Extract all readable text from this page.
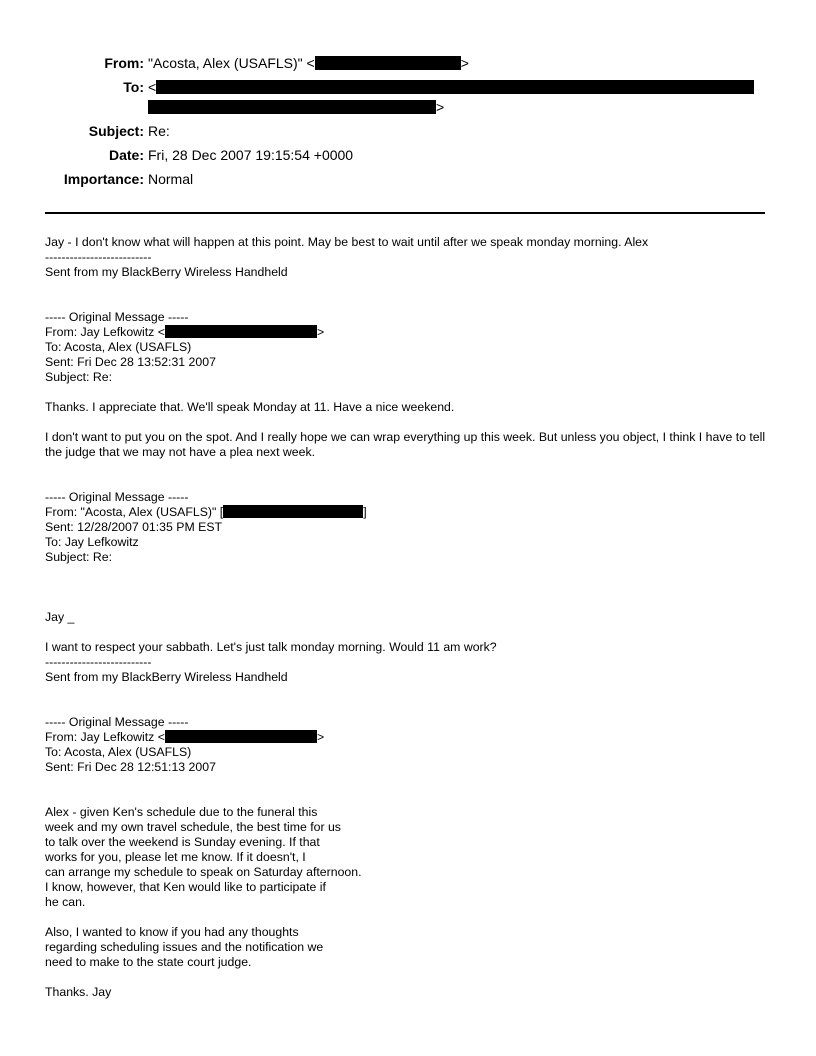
From: "Acosta, Alex (USAFLS)" <	>
To: <
>
Subject: Re:
Date: Fri, 28 Dec 2007 19:15:54 +0000
Importance: Normal
Jay - I don't know what will happen at this point. May be best to wait until after we speak monday morning. Alex
--------------------------
Sent from my BlackBerry Wireless Handheld
----- Original Message -----
From: Jay Lefkowitz <	>
To: Acosta, Alex (USAFLS)
Sent: Fri Dec 28 13:52:31 2007
Subject: Re:
Thanks. I appreciate that. We'll speak Monday at 11. Have a nice weekend.
I don't want to put you on the spot. And I really hope we can wrap everything up this week. But unless you object, I think I have to tell the judge that we may not have a plea next week.
----- Original Message -----
From: "Acosta, Alex (USAFLS)" [	]
Sent: 12/28/2007 01:35 PM EST
To: Jay Lefkowitz
Subject: Re:
Jay _
I want to respect your sabbath. Let's just talk monday morning. Would 11 am work?
--------------------------
Sent from my BlackBerry Wireless Handheld
----- Original Message -----
From: Jay Lefkowitz <	>
To: Acosta, Alex (USAFLS)
Sent: Fri Dec 28 12:51:13 2007
Alex - given Ken's schedule due to the funeral this
week and my own travel schedule, the best time for us
to talk over the weekend is Sunday evening. If that
works for you, please let me know. If it doesn't, I
can arrange my schedule to speak on Saturday afternoon.
I know, however, that Ken would like to participate if
he can.
Also, I wanted to know if you had any thoughts
regarding scheduling issues and the notification we
need to make to the state court judge.
Thanks. Jay
